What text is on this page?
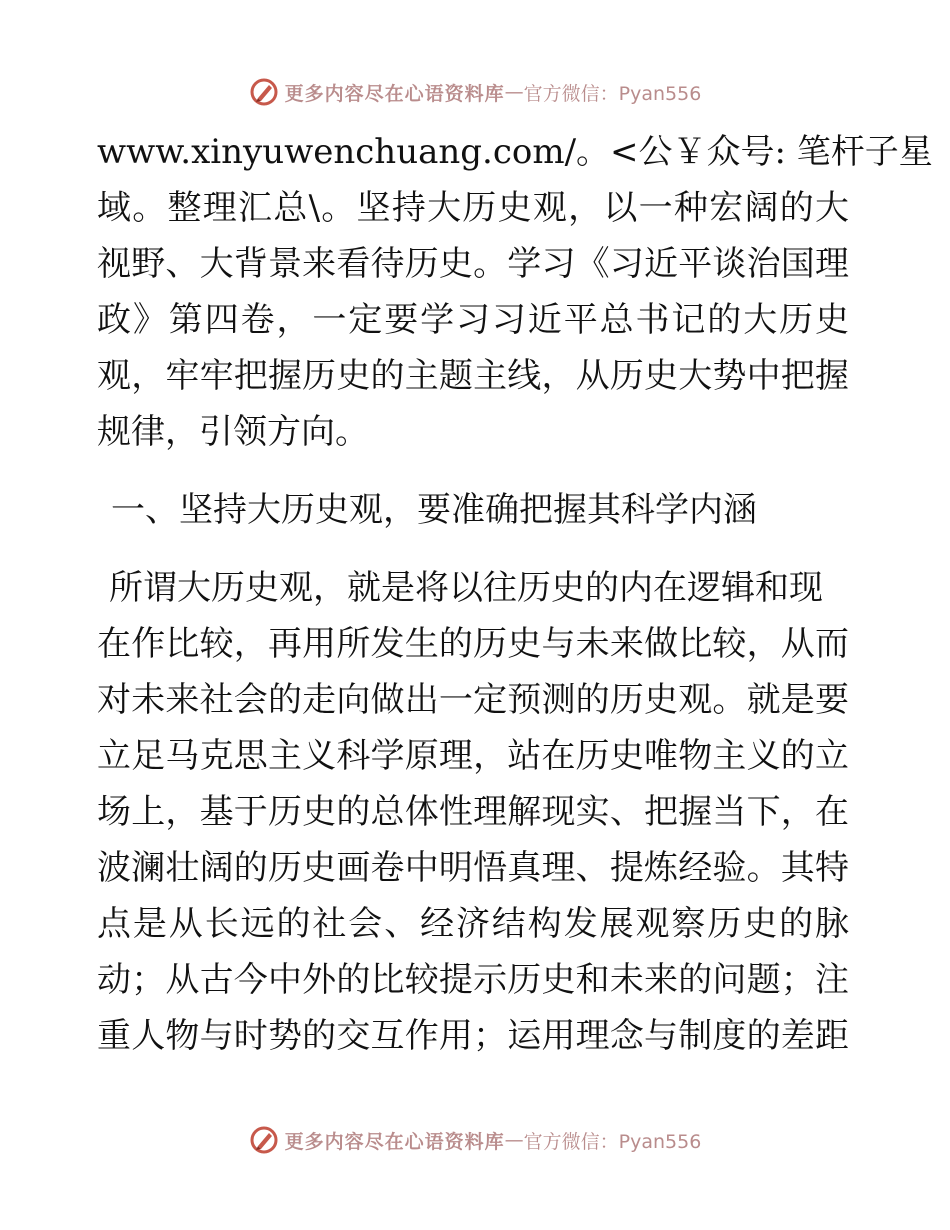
更多内容尽在心语资料库 — 官方微信：Pyan556
www.xinyuwenchuang.com/。<公￥众号: 笔杆子星
域。整理汇总\。坚持大历史观，以一种宏阔的大
视野、大背景来看待历史。学习《习近平谈治国理
政》第四卷，一定要学习习近平总书记的大历史
观，牢牢把握历史的主题主线，从历史大势中把握
规律，引领方向。
一、坚持大历史观，要准确把握其科学内涵
所谓大历史观，就是将以往历史的内在逻辑和现
在作比较，再用所发生的历史与未来做比较，从而
对未来社会的走向做出一定预测的历史观。就是要
立足马克思主义科学原理，站在历史唯物主义的立
场上，基于历史的总体性理解现实、把握当下，在
波澜壮阔的历史画卷中明悟真理、提炼经验。其特
点是从长远的社会、经济结构发展观察历史的脉
动；从古今中外的比较提示历史和未来的问题；注
重人物与时势的交互作用；运用理念与制度的差距
更多内容尽在心语资料库 — 官方微信：Pyan556
